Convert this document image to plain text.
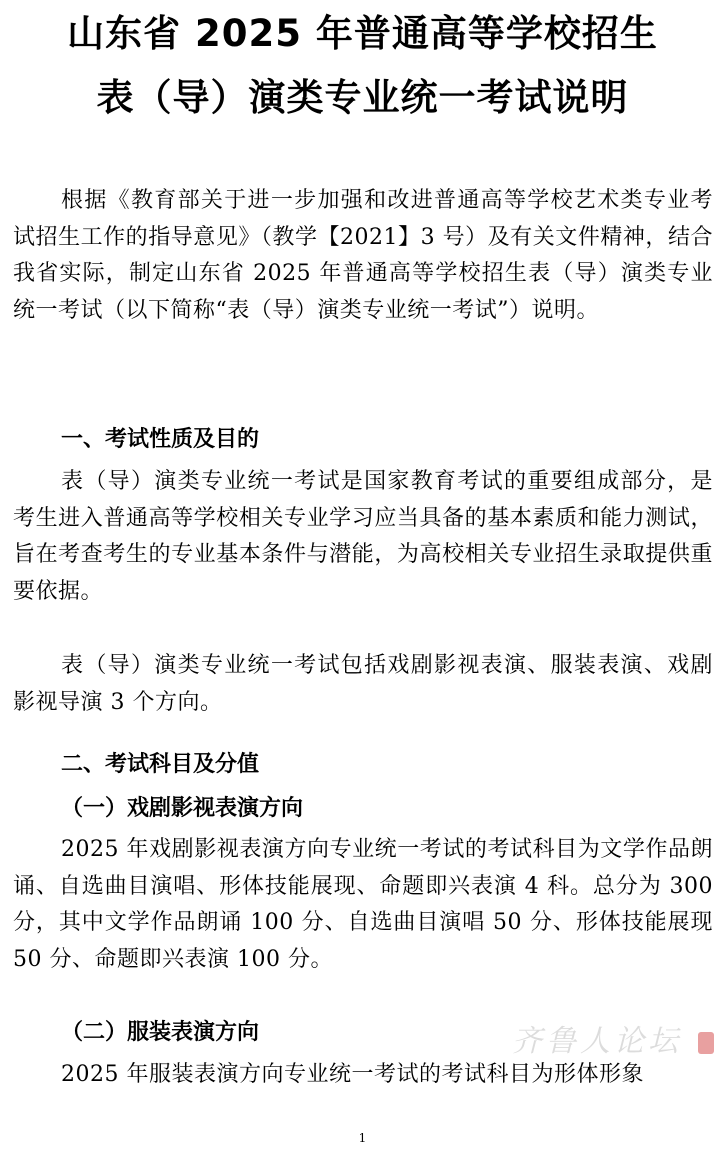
山东省 2025 年普通高等学校招生
表（导）演类专业统一考试说明

根据《教育部关于进一步加强和改进普通高等学校艺术类专业考试招生工作的指导意见》（教学【2021】3 号）及有关文件精神，结合我省实际，制定山东省 2025 年普通高等学校招生表（导）演类专业统一考试（以下简称“表（导）演类专业统一考试”）说明。

一、考试性质及目的

表（导）演类专业统一考试是国家教育考试的重要组成部分，是考生进入普通高等学校相关专业学习应当具备的基本素质和能力测试，旨在考查考生的专业基本条件与潜能，为高校相关专业招生录取提供重要依据。

表（导）演类专业统一考试包括戏剧影视表演、服装表演、戏剧影视导演 3 个方向。

二、考试科目及分值
（一）戏剧影视表演方向

2025 年戏剧影视表演方向专业统一考试的考试科目为文学作品朗诵、自选曲目演唱、形体技能展现、命题即兴表演 4 科。总分为 300 分，其中文学作品朗诵 100 分、自选曲目演唱 50 分、形体技能展现 50 分、命题即兴表演 100 分。

（二）服装表演方向

2025 年服装表演方向专业统一考试的考试科目为形体形象

齐鲁人论坛
1
